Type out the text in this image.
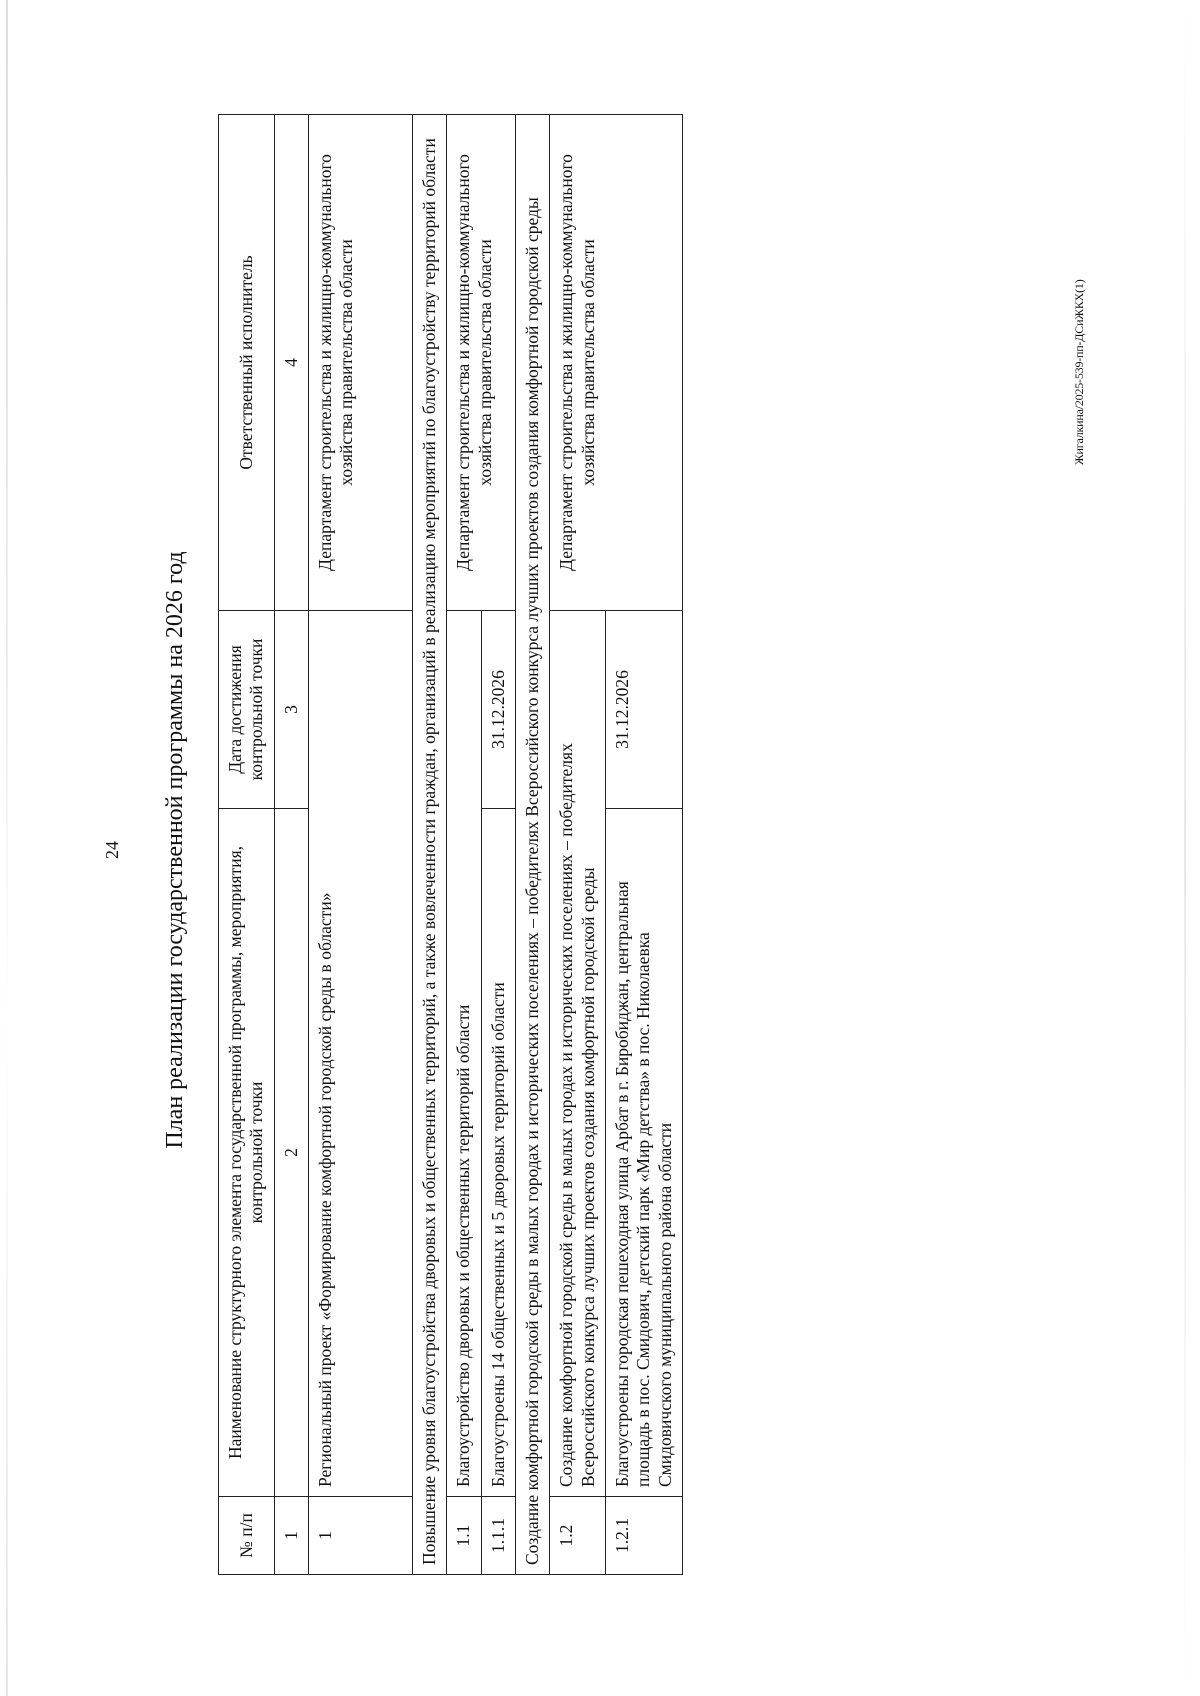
24 План реализации государственной программы на 2026 год
№ п/п	Наименование структурного элемента государственной программы, мероприятия, контрольной точки	Дата достижения контрольной точки	Ответственный исполнитель
1	2	3	4
1	Региональный проект «Формирование комфортной городской среды в области»		Департамент строительства и жилищно-коммунального хозяйства правительства области
Повышение уровня благоустройства дворовых и общественных территорий, а также вовлеченности граждан, организаций в реализацию мероприятий по благоустройству территорий области			
1.1	Благоустройство дворовых и общественных территорий области		Департамент строительства и жилищно-коммунального хозяйства правительства области
1.1.1	Благоустроены 14 общественных и 5 дворовых территорий области	31.12.2026	
Создание комфортной городской среды в малых городах и исторических поселениях – победителях Всероссийского конкурса лучших проектов создания комфортной городской среды			
1.2	Создание комфортной городской среды в малых городах и исторических поселениях – победителях Всероссийского конкурса лучших проектов создания комфортной городской среды		Департамент строительства и жилищно-коммунального хозяйства правительства области
1.2.1	Благоустроены городская пешеходная улица Арбат в г. Биробиджан, центральная площадь в пос. Смидович, детский парк «Мир детства» в пос. Николаевка Смидовичского муниципального района области	31.12.2026	
Жигалкина/2025-539-пп-ДСиЖКХ(1)
